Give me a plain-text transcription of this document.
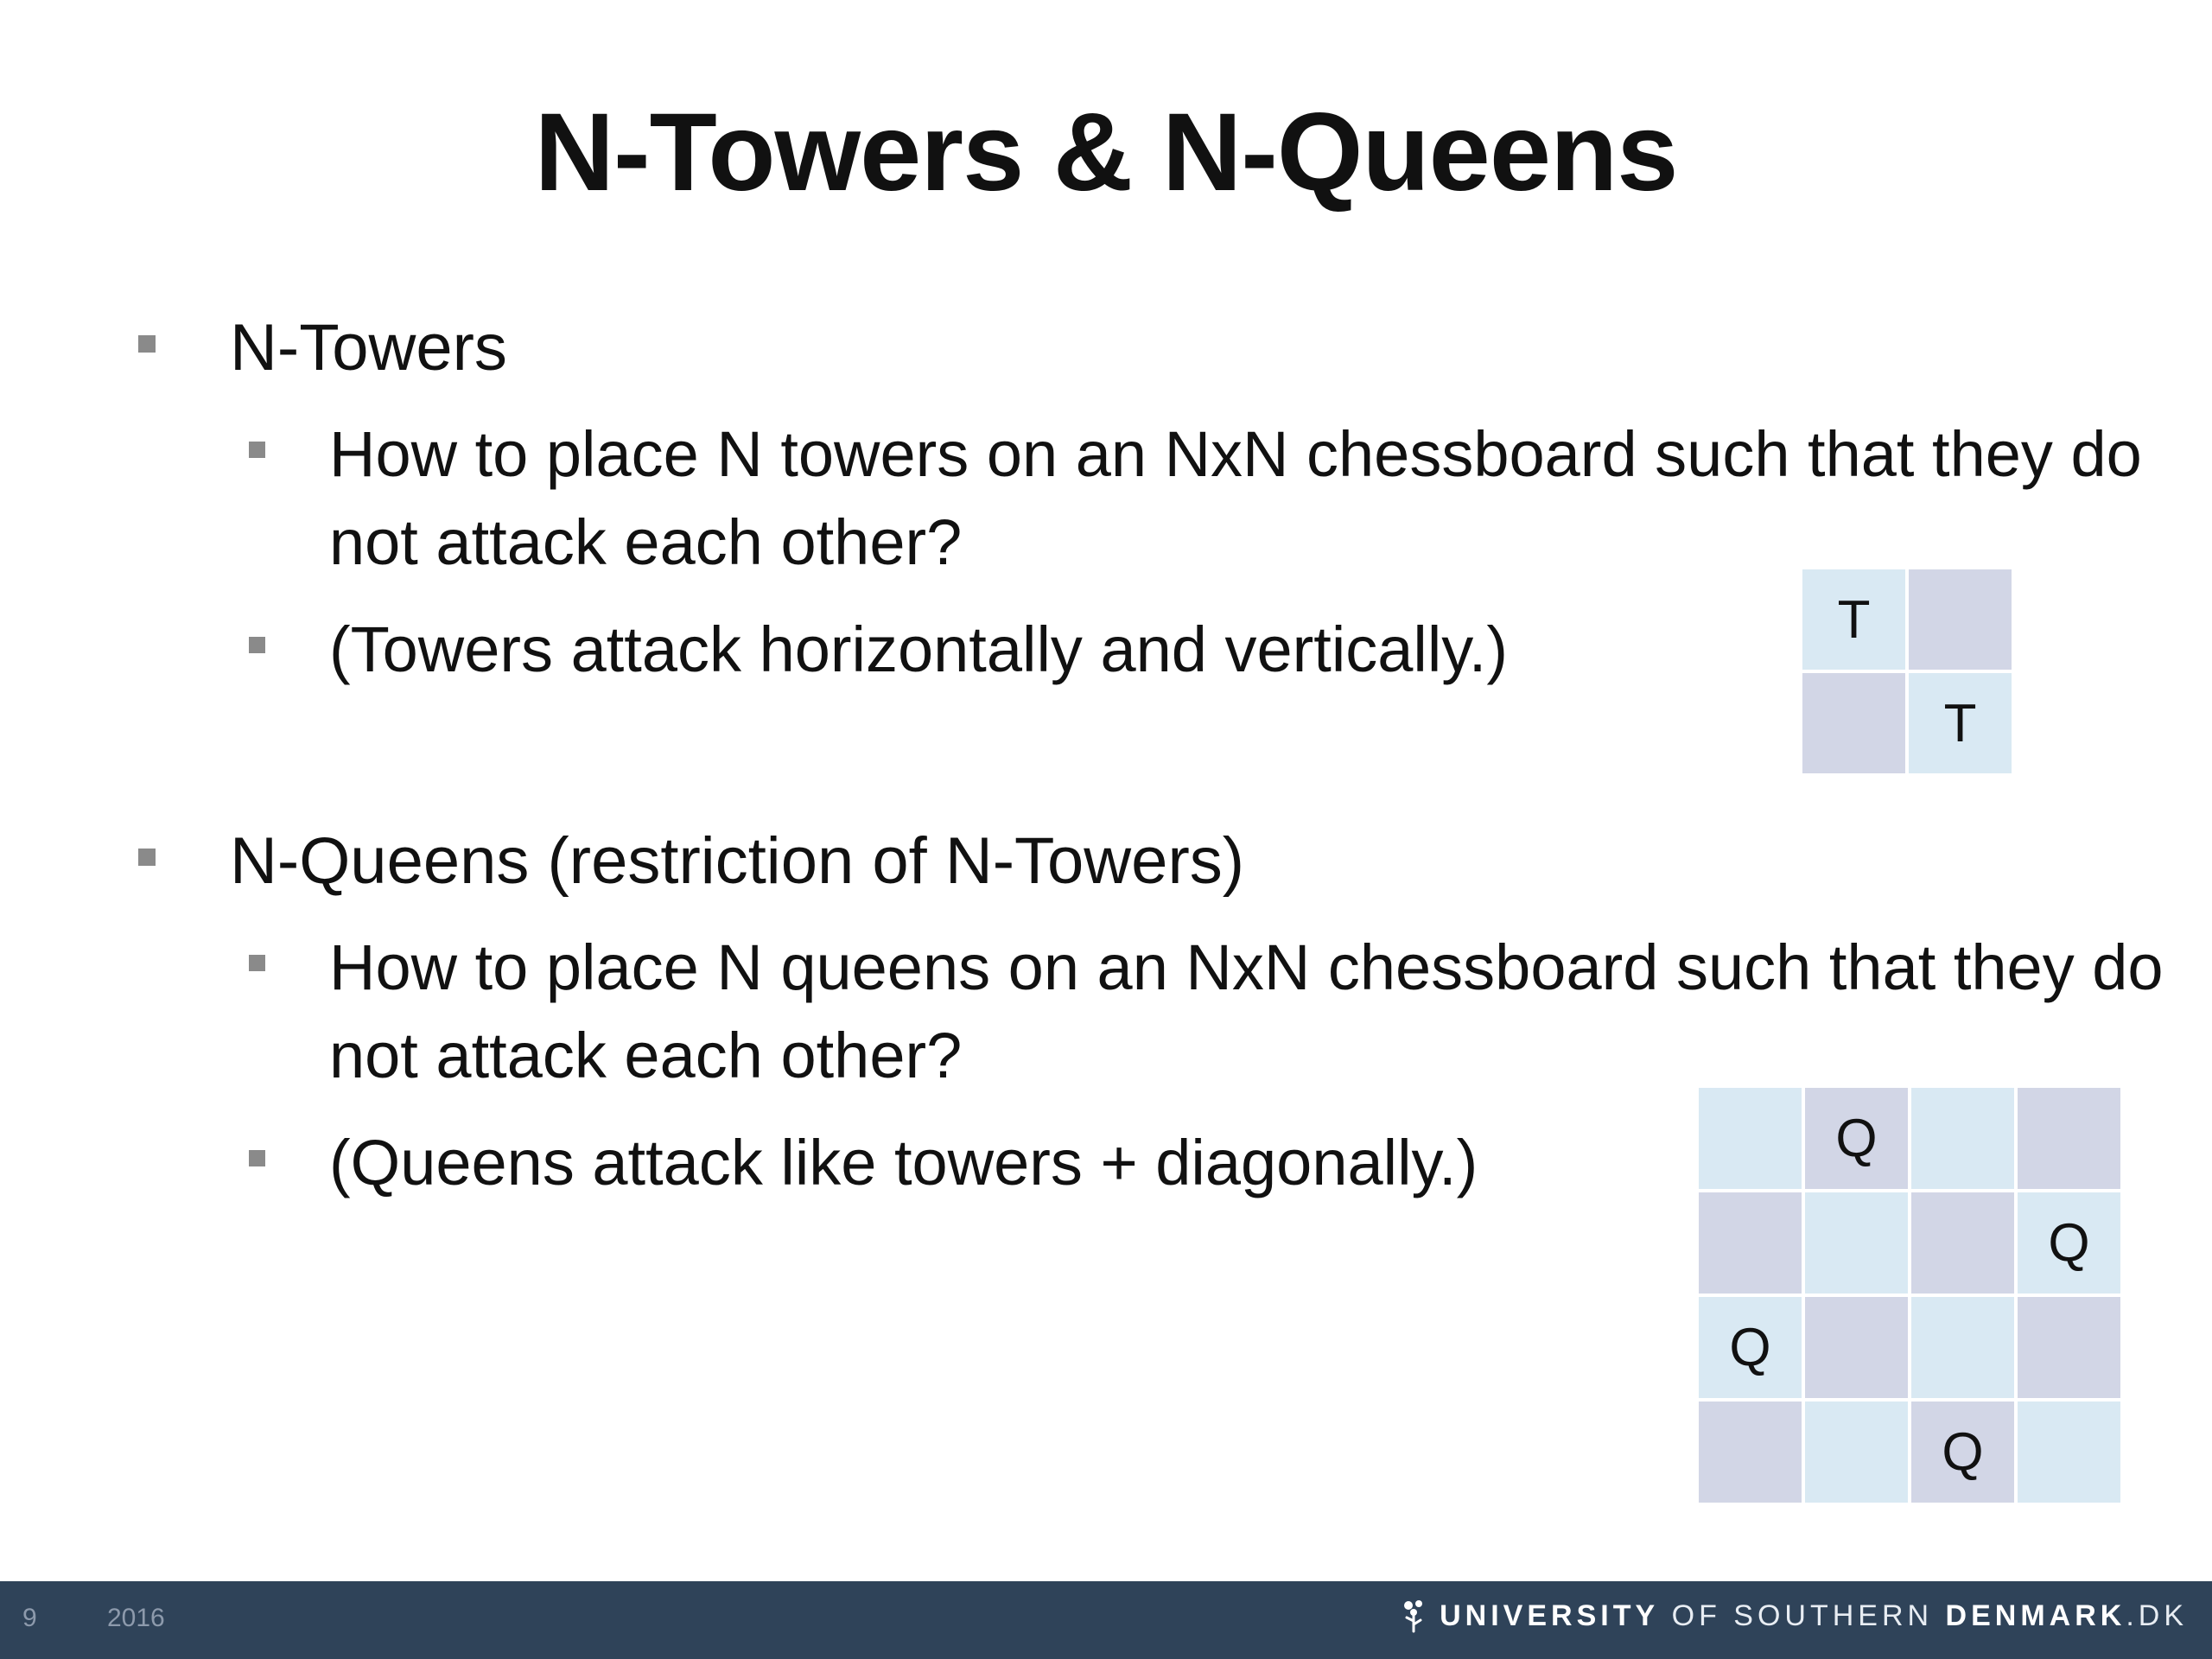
N-Towers & N-Queens
N-Towers
How to place N towers on an NxN chessboard such that they do not attack each other?
(Towers attack horizontally and vertically.)
N-Queens (restriction of N-Towers)
How to place N queens on an NxN chessboard such that they do not attack each other?
(Queens attack like towers + diagonally.)
T
T
Q
Q
Q
Q
9	2016	UNIVERSITY
OF SOUTHERN
DENMARK .DK
